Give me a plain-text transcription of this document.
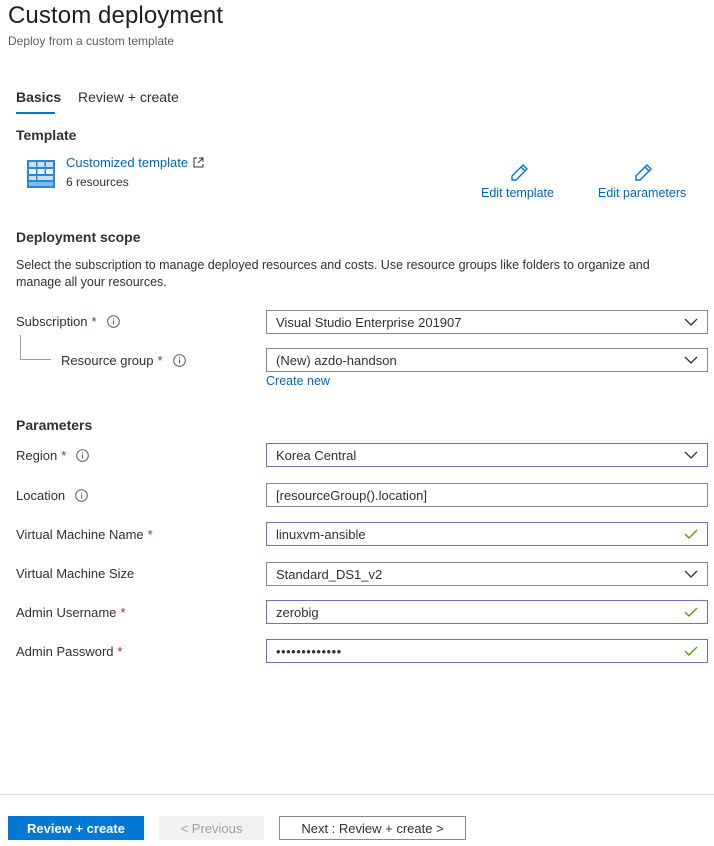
Custom deployment
Deploy from a custom template
Basics Review + create
Template
Customized template
6 resources
Edit template	Edit parameters
Deployment scope
Select the subscription to manage deployed resources and costs. Use resource groups like folders to organize and
manage all your resources.
Subscription *	Visual Studio Enterprise 201907
Resource group *	(New) azdo-handson
Create new
Parameters
Region *	Korea Central
Location	[resourceGroup().location]
Virtual Machine Name *	linuxvm-ansible
Virtual Machine Size	Standard_DS1_v2
Admin Username *	zerobig
Admin Password *	•••••••••••••
Review + create	< Previous	Next : Review + create >
